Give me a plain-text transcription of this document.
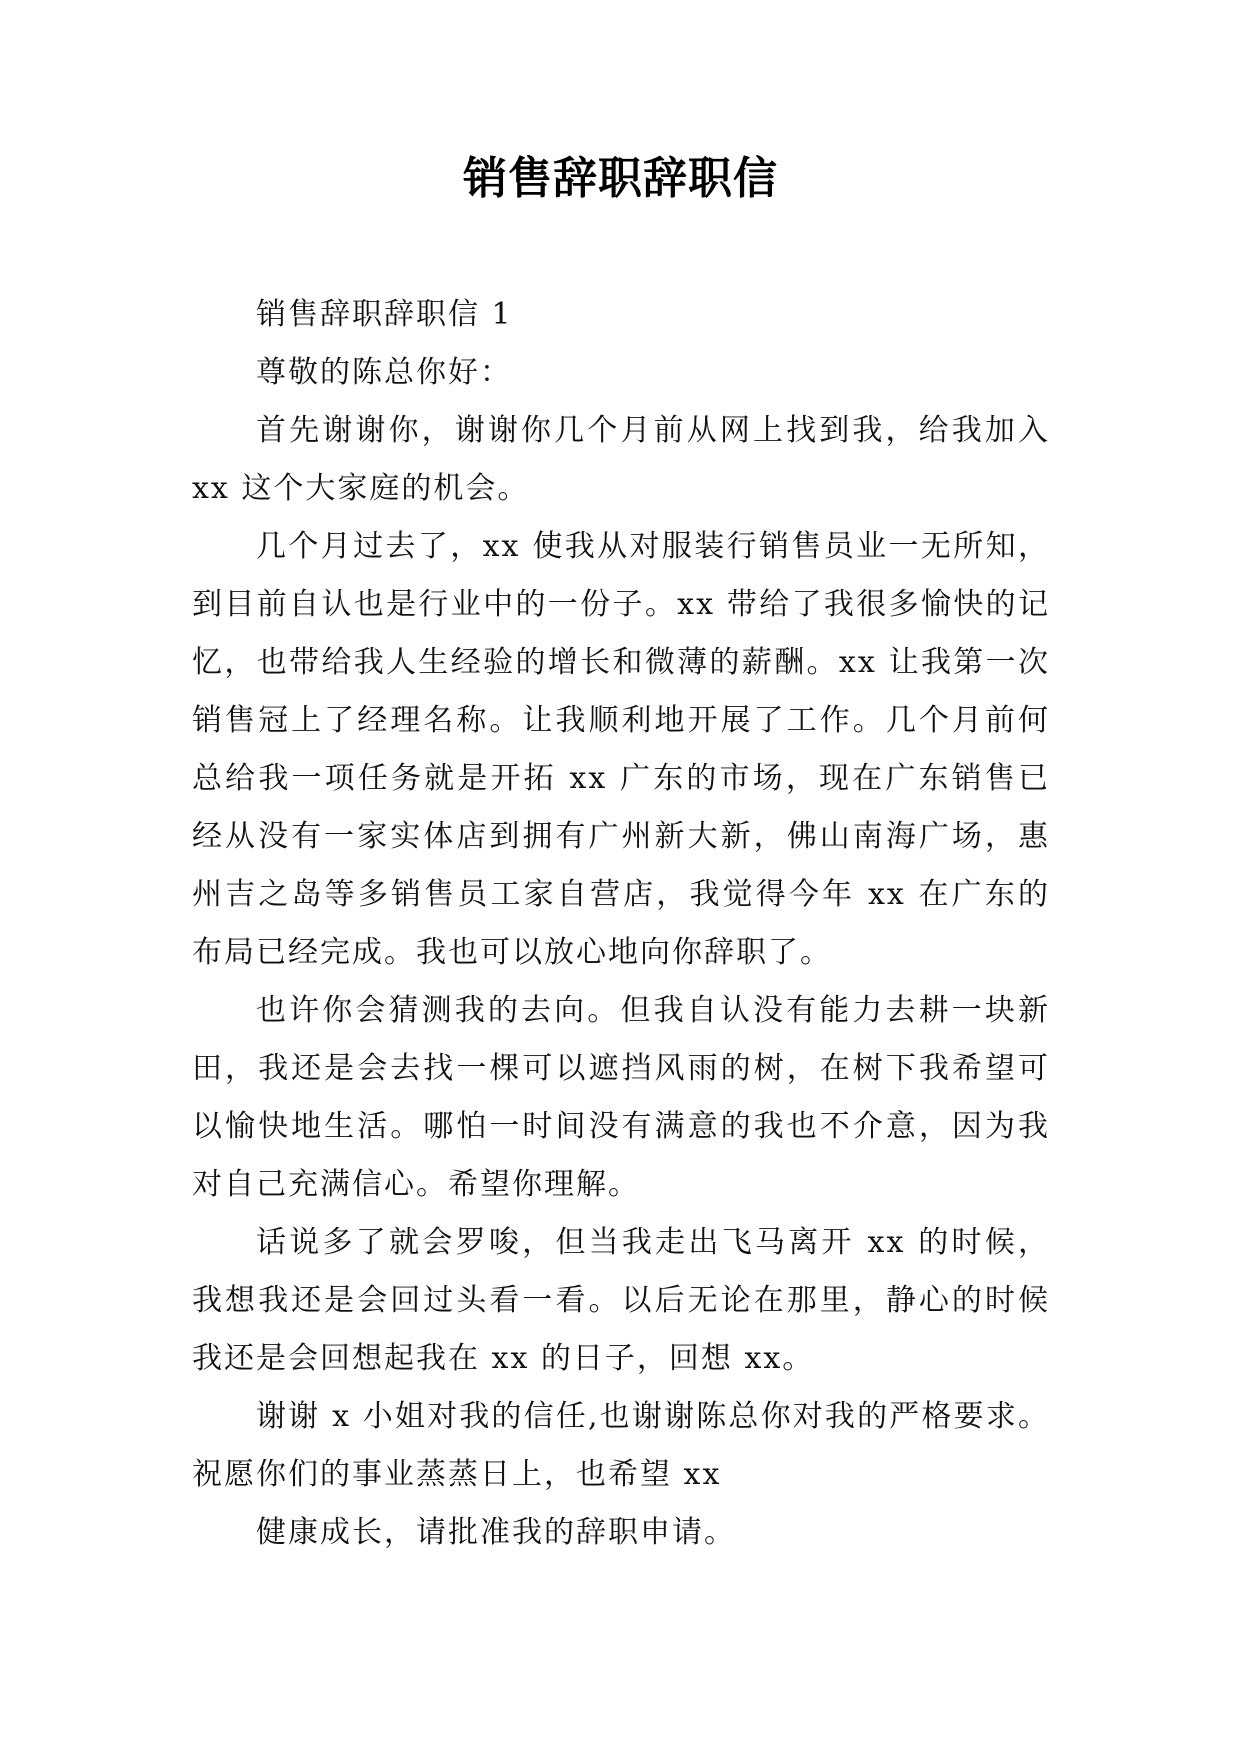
销售辞职辞职信

销售辞职辞职信 1

尊敬的陈总你好：

首先谢谢你，谢谢你几个月前从网上找到我，给我加入xx 这个大家庭的机会。

几个月过去了，xx 使我从对服装行销售员业一无所知，到目前自认也是行业中的一份子。xx 带给了我很多愉快的记忆，也带给我人生经验的增长和微薄的薪酬。xx 让我第一次销售冠上了经理名称。让我顺利地开展了工作。几个月前何总给我一项任务就是开拓 xx 广东的市场，现在广东销售已经从没有一家实体店到拥有广州新大新，佛山南海广场，惠州吉之岛等多销售员工家自营店，我觉得今年 xx 在广东的布局已经完成。我也可以放心地向你辞职了。

也许你会猜测我的去向。但我自认没有能力去耕一块新田，我还是会去找一棵可以遮挡风雨的树，在树下我希望可以愉快地生活。哪怕一时间没有满意的我也不介意，因为我对自己充满信心。希望你理解。

话说多了就会罗唆，但当我走出飞马离开 xx 的时候，我想我还是会回过头看一看。以后无论在那里，静心的时候我还是会回想起我在 xx 的日子，回想 xx。

谢谢 x 小姐对我的信任,也谢谢陈总你对我的严格要求。祝愿你们的事业蒸蒸日上，也希望 xx

健康成长，请批准我的辞职申请。
